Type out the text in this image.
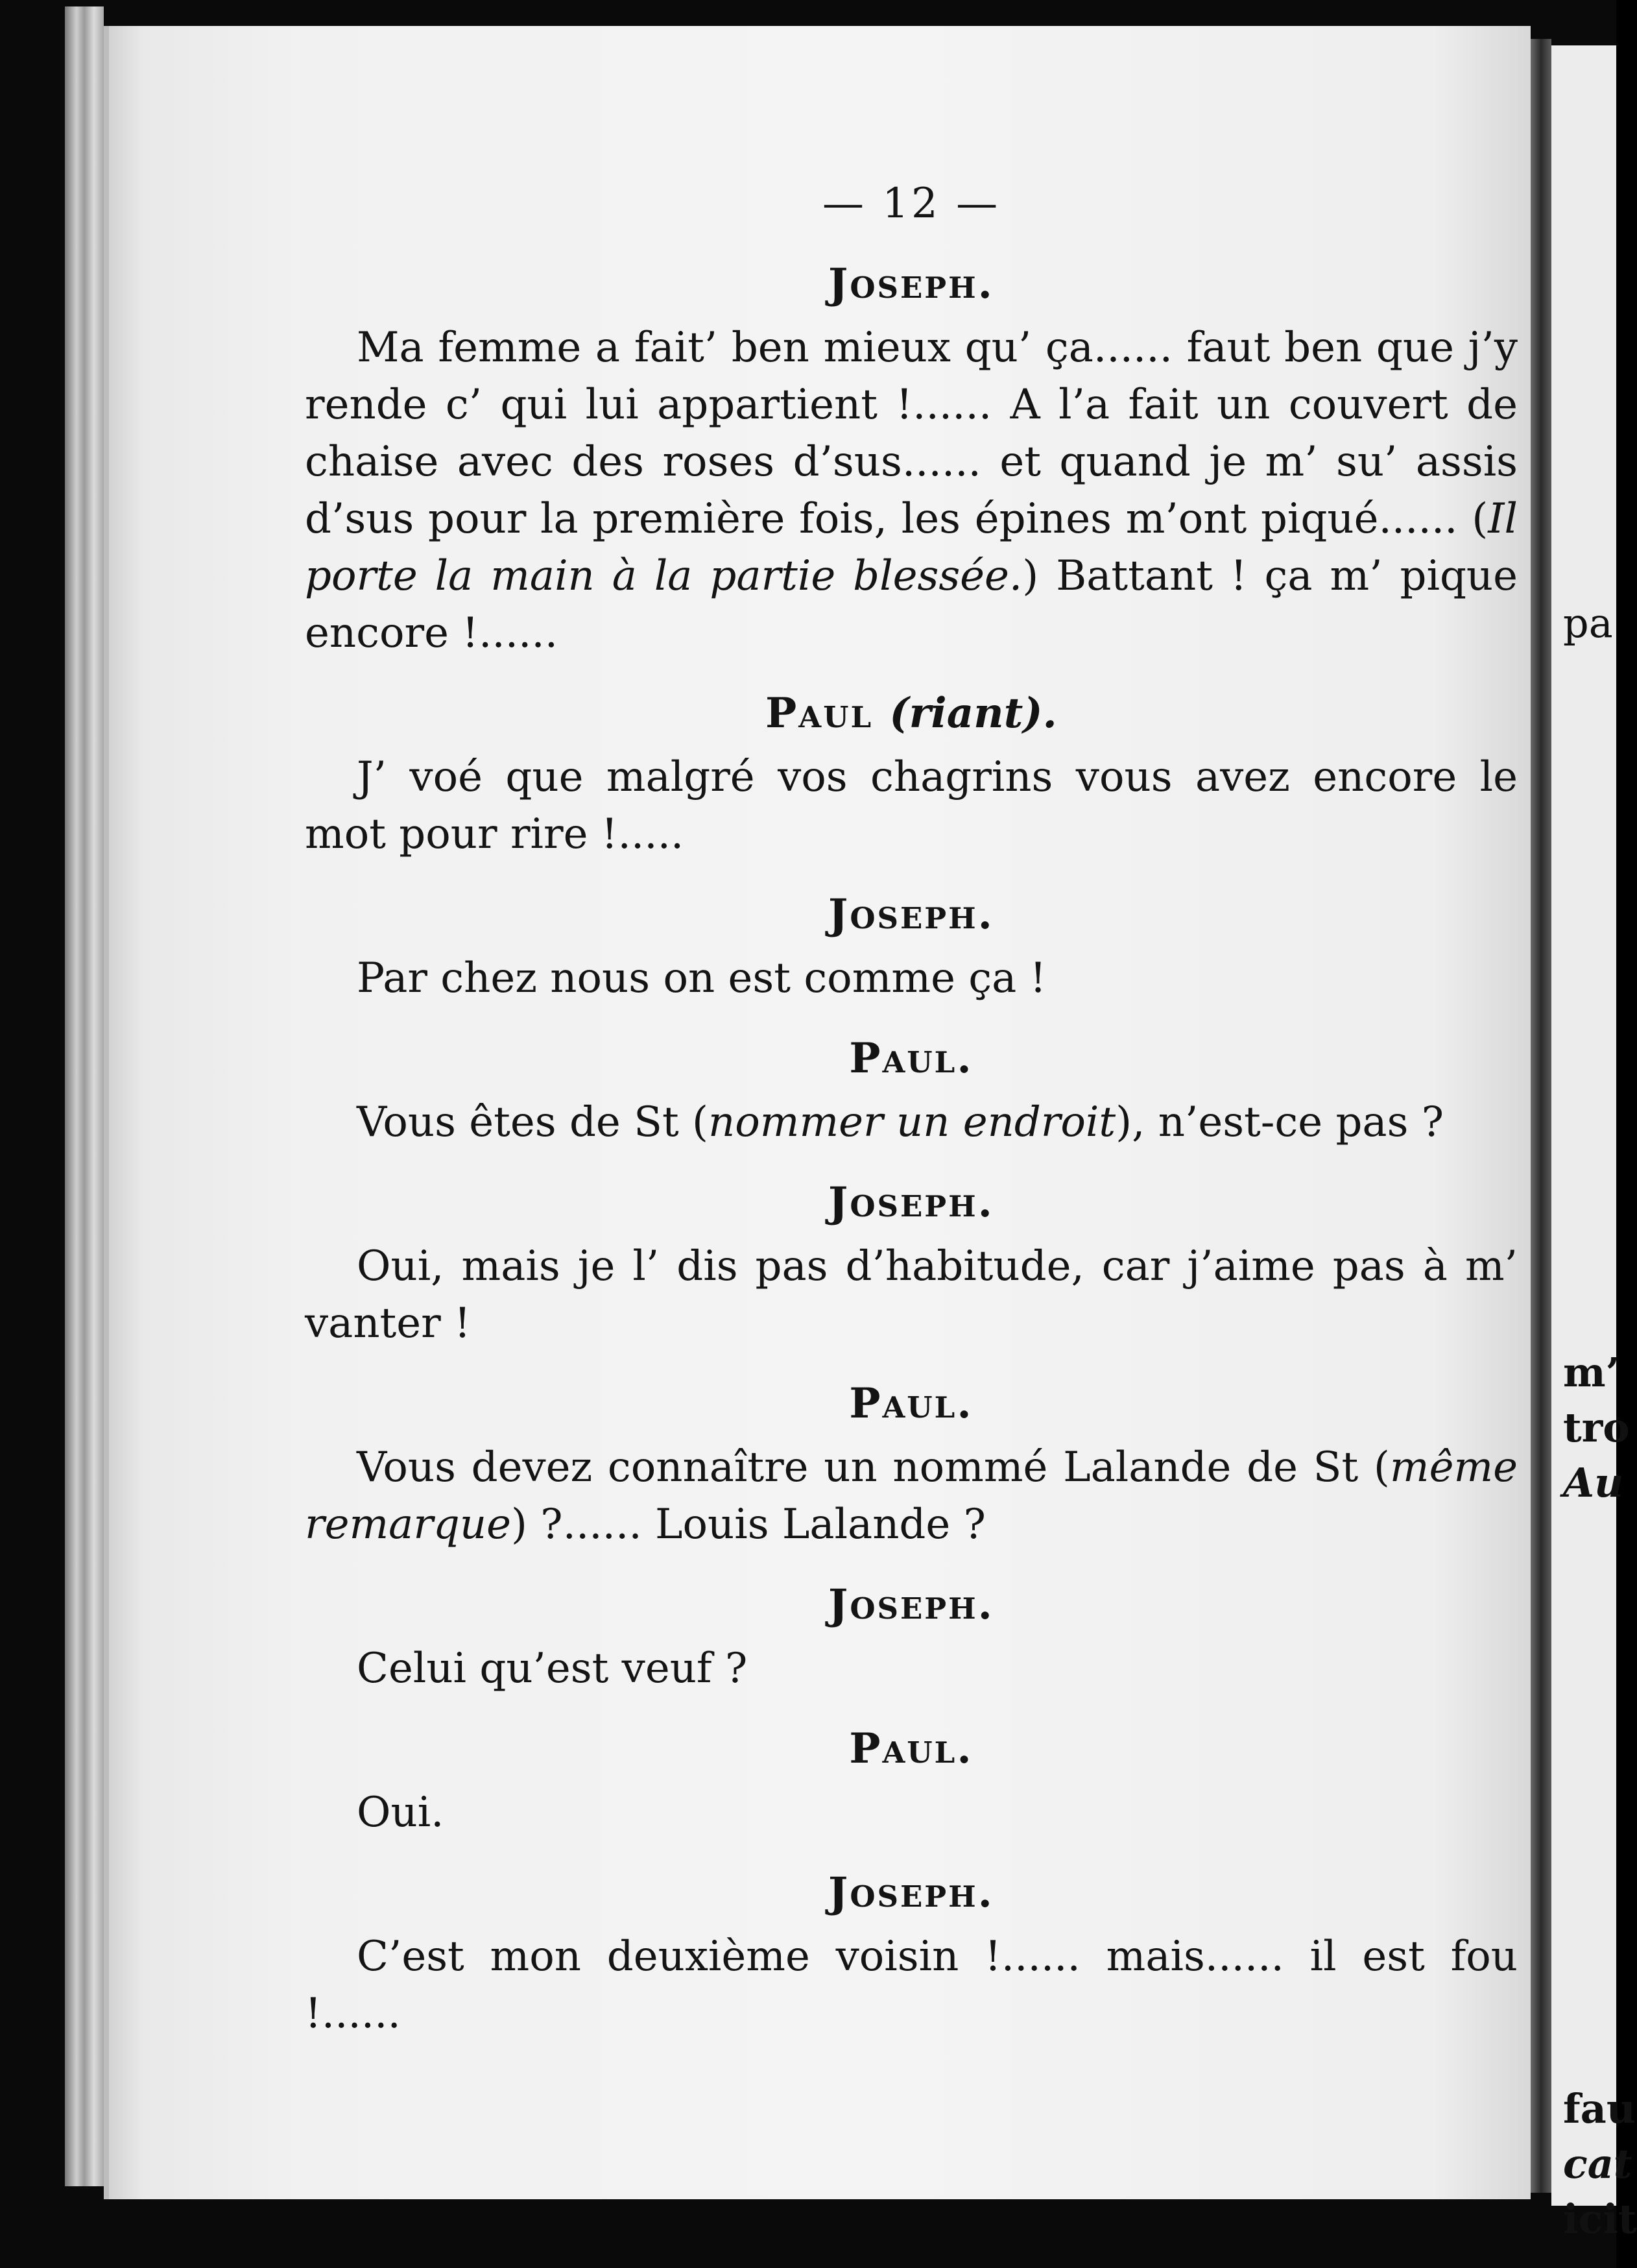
pa
m’
tro
Au
fau
cat
icit
— 12 —
Joseph.

Ma femme a fait’ ben mieux qu’ ça...... faut ben que j’y rende c’ qui lui appartient !...... A l’a fait un couvert de chaise avec des roses d’sus...... et quand je m’ su’ assis d’sus pour la première fois, les épines m’ont piqué...... (Il porte la main à la partie blessée.) Battant ! ça m’ pique encore !......

Paul (riant).

J’ voé que malgré vos chagrins vous avez encore le mot pour rire !.....

Joseph.

Par chez nous on est comme ça !

Paul.

Vous êtes de St (nommer un endroit), n’est-ce pas ?

Joseph.

Oui, mais je l’ dis pas d’habitude, car j’aime pas à m’ vanter !

Paul.

Vous devez connaître un nommé Lalande de St (même remarque) ?...... Louis Lalande ?

Joseph.

Celui qu’est veuf ?

Paul.

Oui.

Joseph.

C’est mon deuxième voisin !...... mais...... il est fou !......
